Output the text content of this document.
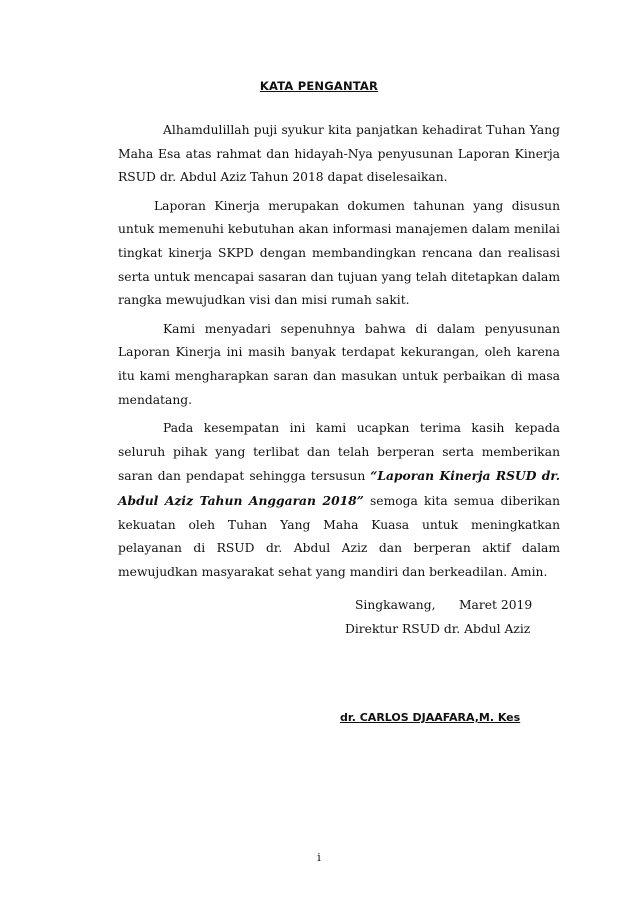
KATA PENGANTAR

Alhamdulillah puji syukur kita panjatkan kehadirat Tuhan Yang Maha Esa atas rahmat dan hidayah-Nya penyusunan Laporan Kinerja RSUD dr. Abdul Aziz Tahun 2018 dapat diselesaikan.

Laporan Kinerja merupakan dokumen tahunan yang disusun untuk memenuhi kebutuhan akan informasi manajemen dalam menilai tingkat kinerja SKPD dengan membandingkan rencana dan realisasi serta untuk mencapai sasaran dan tujuan yang telah ditetapkan dalam rangka mewujudkan visi dan misi rumah sakit.

Kami menyadari sepenuhnya bahwa di dalam penyusunan Laporan Kinerja ini masih banyak terdapat kekurangan, oleh karena itu kami mengharapkan saran dan masukan untuk perbaikan di masa mendatang.

Pada kesempatan ini kami ucapkan terima kasih kepada seluruh pihak yang terlibat dan telah berperan serta memberikan saran dan pendapat sehingga tersusun “Laporan Kinerja RSUD dr. Abdul Aziz Tahun Anggaran 2018” semoga kita semua diberikan kekuatan oleh Tuhan Yang Maha Kuasa untuk meningkatkan pelayanan di RSUD dr. Abdul Aziz dan berperan aktif dalam mewujudkan masyarakat sehat yang mandiri dan berkeadilan. Amin.

Singkawang,      Maret 2019
Direktur RSUD dr. Abdul Aziz
dr. CARLOS DJAAFARA,M. Kes
i
